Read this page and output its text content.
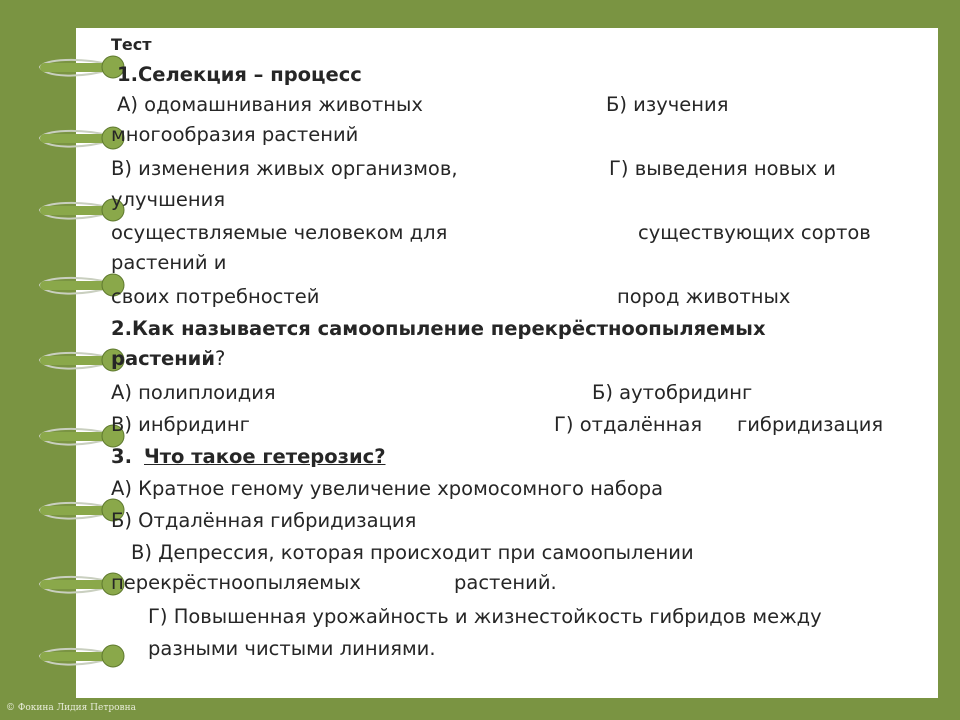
Тест
1.Селекция – процесс
А) одомашнивания животных	Б) изучения
многообразия растений
В) изменения живых организмов,	Г) выведения новых и
улучшения
осуществляемые человеком для	существующих сортов
растений и
своих потребностей	пород животных
2.Как называется самоопыление перекрёстноопыляемых
растений?
А) полиплоидия	Б) аутобридинг
В) инбридинг	Г) отдалённая гибридизация
3. Что такое гетерозис?
А) Кратное геному увеличение хромосомного набора
Б) Отдалённая гибридизация
В) Депрессия, которая происходит при самоопылении
перекрёстноопыляемых	растений.
Г) Повышенная урожайность и жизнестойкость гибридов между
разными чистыми линиями.
© Фокина Лидия Петровна
